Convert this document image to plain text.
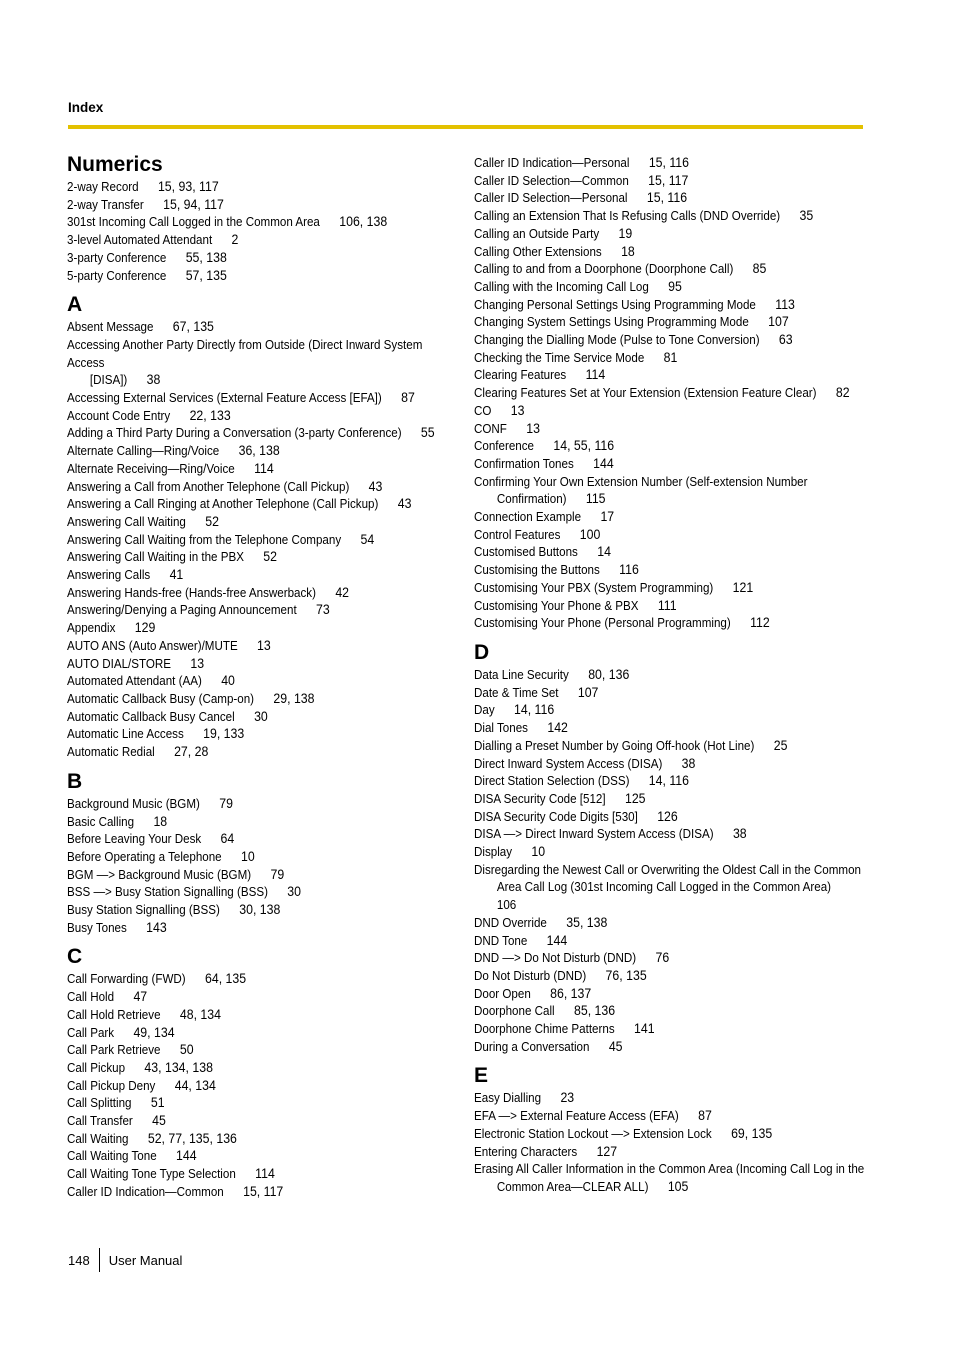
Index
Numerics
2-way Record 15, 93, 117
2-way Transfer 15, 94, 117
301st Incoming Call Logged in the Common Area 106, 138
3-level Automated Attendant 2
3-party Conference 55, 138
5-party Conference 57, 135
A
Absent Message 67, 135
Accessing Another Party Directly from Outside (Direct Inward System Access
[DISA]) 38
Accessing External Services (External Feature Access [EFA]) 87
Account Code Entry 22, 133
Adding a Third Party During a Conversation (3-party Conference) 55
Alternate Calling—Ring/Voice 36, 138
Alternate Receiving—Ring/Voice 114
Answering a Call from Another Telephone (Call Pickup) 43
Answering a Call Ringing at Another Telephone (Call Pickup) 43
Answering Call Waiting 52
Answering Call Waiting from the Telephone Company 54
Answering Call Waiting in the PBX 52
Answering Calls 41
Answering Hands-free (Hands-free Answerback) 42
Answering/Denying a Paging Announcement 73
Appendix 129
AUTO ANS (Auto Answer)/MUTE 13
AUTO DIAL/STORE 13
Automated Attendant (AA) 40
Automatic Callback Busy (Camp-on) 29, 138
Automatic Callback Busy Cancel 30
Automatic Line Access 19, 133
Automatic Redial 27, 28
B
Background Music (BGM) 79
Basic Calling 18
Before Leaving Your Desk 64
Before Operating a Telephone 10
BGM —> Background Music (BGM) 79
BSS —> Busy Station Signalling (BSS) 30
Busy Station Signalling (BSS) 30, 138
Busy Tones 143
C
Call Forwarding (FWD) 64, 135
Call Hold 47
Call Hold Retrieve 48, 134
Call Park 49, 134
Call Park Retrieve 50
Call Pickup 43, 134, 138
Call Pickup Deny 44, 134
Call Splitting 51
Call Transfer 45
Call Waiting 52, 77, 135, 136
Call Waiting Tone 144
Call Waiting Tone Type Selection 114
Caller ID Indication—Common 15, 117
Caller ID Indication—Personal 15, 116
Caller ID Selection—Common 15, 117
Caller ID Selection—Personal 15, 116
Calling an Extension That Is Refusing Calls (DND Override) 35
Calling an Outside Party 19
Calling Other Extensions 18
Calling to and from a Doorphone (Doorphone Call) 85
Calling with the Incoming Call Log 95
Changing Personal Settings Using Programming Mode 113
Changing System Settings Using Programming Mode 107
Changing the Dialling Mode (Pulse to Tone Conversion) 63
Checking the Time Service Mode 81
Clearing Features 114
Clearing Features Set at Your Extension (Extension Feature Clear) 82
CO 13
CONF 13
Conference 14, 55, 116
Confirmation Tones 144
Confirming Your Own Extension Number (Self-extension Number
Confirmation) 115
Connection Example 17
Control Features 100
Customised Buttons 14
Customising the Buttons 116
Customising Your PBX (System Programming) 121
Customising Your Phone & PBX 111
Customising Your Phone (Personal Programming) 112
D
Data Line Security 80, 136
Date & Time Set 107
Day 14, 116
Dial Tones 142
Dialling a Preset Number by Going Off-hook (Hot Line) 25
Direct Inward System Access (DISA) 38
Direct Station Selection (DSS) 14, 116
DISA Security Code [512] 125
DISA Security Code Digits [530] 126
DISA —> Direct Inward System Access (DISA) 38
Display 10
Disregarding the Newest Call or Overwriting the Oldest Call in the Common
Area Call Log (301st Incoming Call Logged in the Common Area)
106
DND Override 35, 138
DND Tone 144
DND —> Do Not Disturb (DND) 76
Do Not Disturb (DND) 76, 135
Door Open 86, 137
Doorphone Call 85, 136
Doorphone Chime Patterns 141
During a Conversation 45
E
Easy Dialling 23
EFA —> External Feature Access (EFA) 87
Electronic Station Lockout —> Extension Lock 69, 135
Entering Characters 127
Erasing All Caller Information in the Common Area (Incoming Call Log in the
Common Area—CLEAR ALL) 105
148	User Manual
